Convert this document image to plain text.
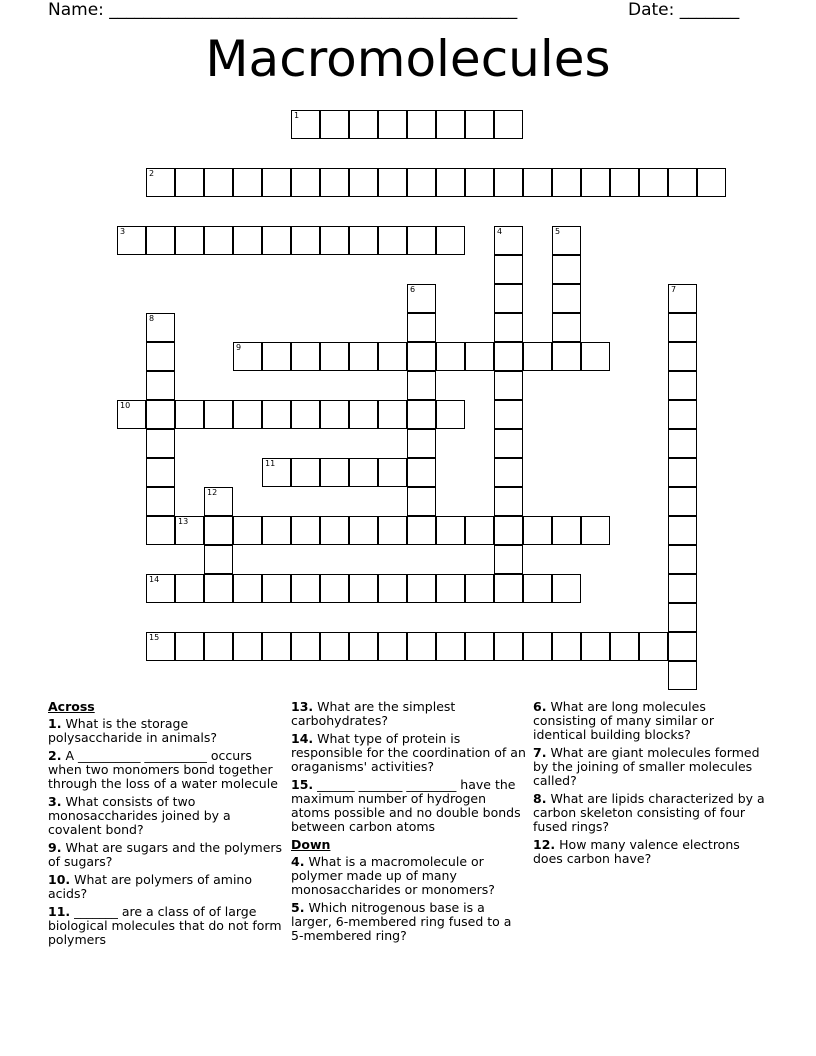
Name: ________________________________________________	Date: _______
Macromolecules
1
2
3	4	5
6	7
8
9
10
11
12
13
14
15
Across
1. What is the storage polysaccharide in animals?
2. A __________ __________ occurs when two monomers bond together through the loss of a water molecule
3. What consists of two monosaccharides joined by a covalent bond?
9. What are sugars and the polymers of sugars?
10. What are polymers of amino acids?
11. _______ are a class of of large biological molecules that do not form polymers
13. What are the simplest carbohydrates?
14. What type of protein is responsible for the coordination of an oraganisms' activities?
15. ______ _______ ________ have the maximum number of hydrogen atoms possible and no double bonds between carbon atoms
Down
4. What is a macromolecule or polymer made up of many monosaccharides or monomers?
5. Which nitrogenous base is a larger, 6-membered ring fused to a 5-membered ring?
6. What are long molecules consisting of many similar or identical building blocks?
7. What are giant molecules formed by the joining of smaller molecules called?
8. What are lipids characterized by a carbon skeleton consisting of four fused rings?
12. How many valence electrons does carbon have?
